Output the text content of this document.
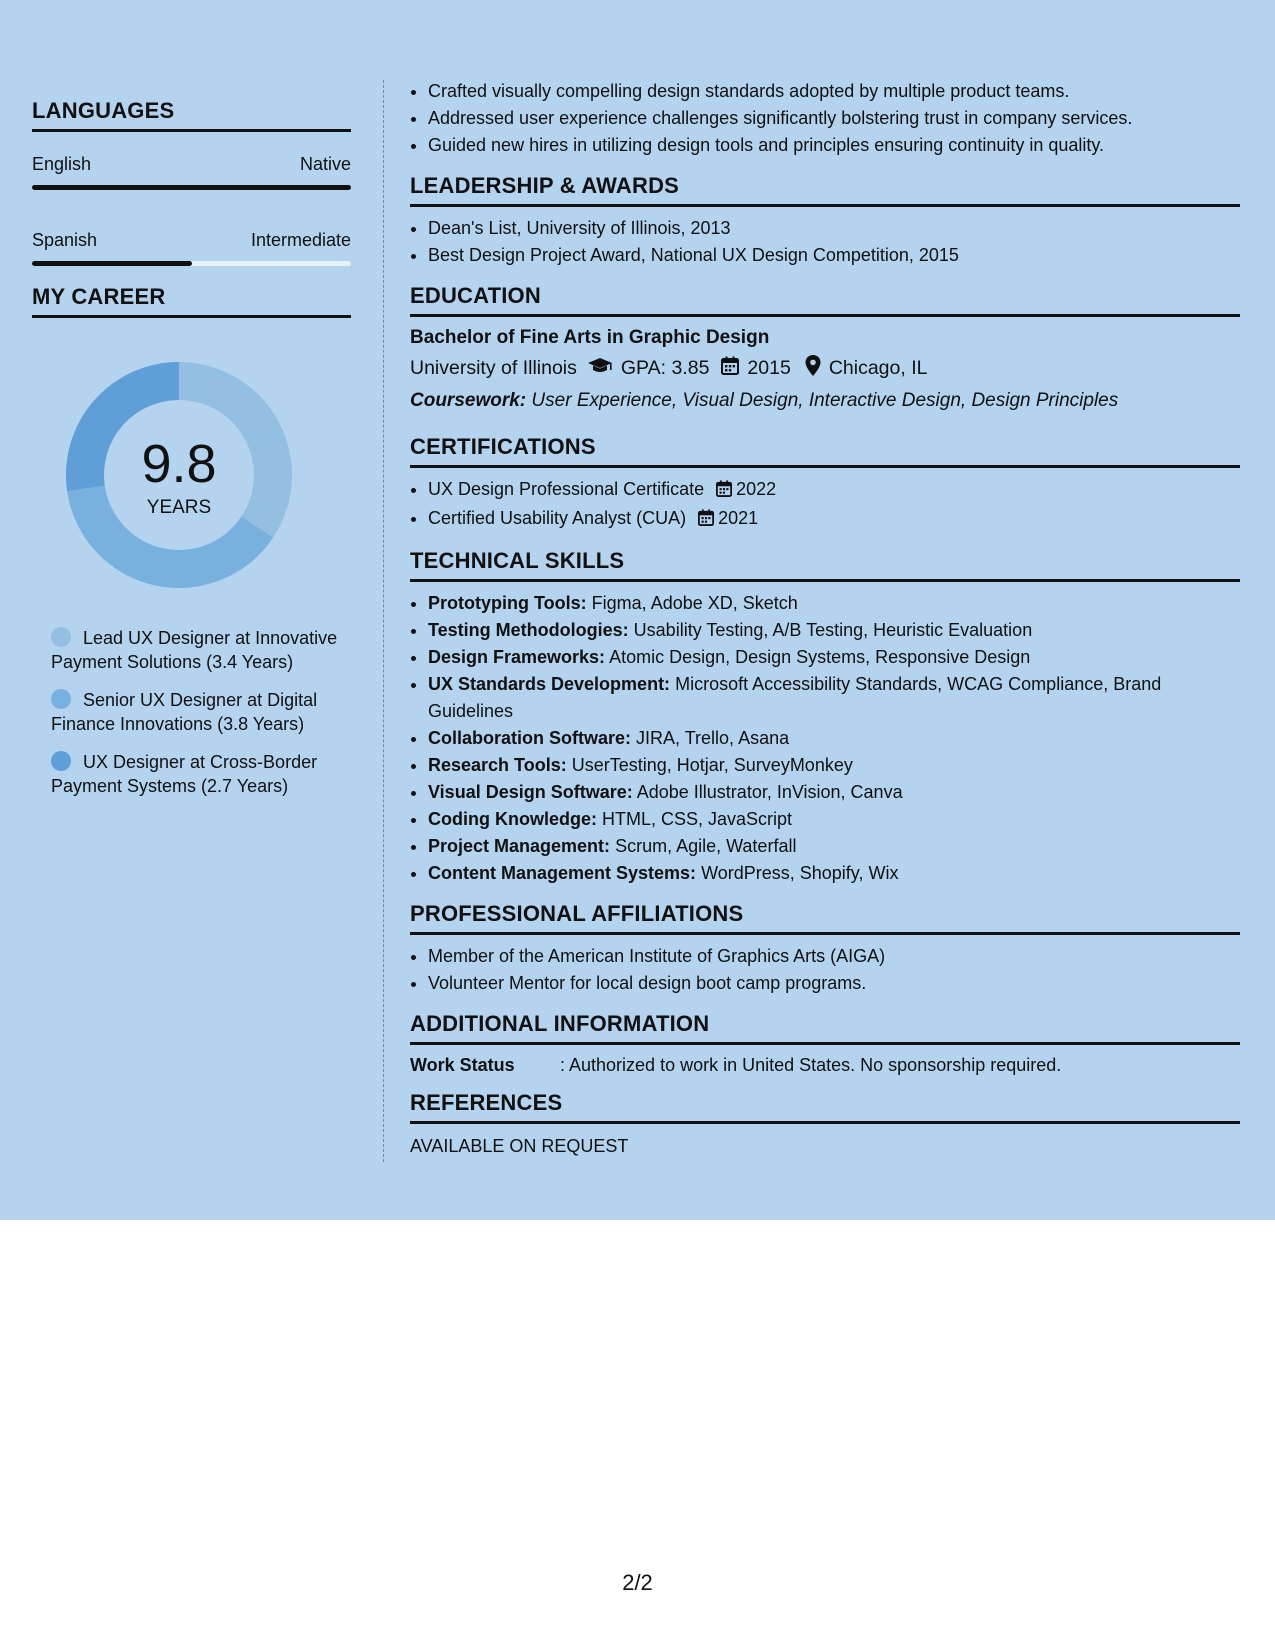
LANGUAGES
English	Native
Spanish	Intermediate
MY CAREER
9.8
YEARS
Lead UX Designer at Innovative Payment Solutions (3.4 Years)
Senior UX Designer at Digital Finance Innovations (3.8 Years)
UX Designer at Cross-Border Payment Systems (2.7 Years)
• Crafted visually compelling design standards adopted by multiple product teams.
• Addressed user experience challenges significantly bolstering trust in company services.
• Guided new hires in utilizing design tools and principles ensuring continuity in quality.
LEADERSHIP & AWARDS
• Dean's List, University of Illinois, 2013
• Best Design Project Award, National UX Design Competition, 2015
EDUCATION
Bachelor of Fine Arts in Graphic Design
University of Illinois GPA: 3.85 2015 Chicago, IL
Coursework: User Experience, Visual Design, Interactive Design, Design Principles
CERTIFICATIONS
• UX Design Professional Certificate 2022
• Certified Usability Analyst (CUA) 2021
TECHNICAL SKILLS
• Prototyping Tools: Figma, Adobe XD, Sketch
• Testing Methodologies: Usability Testing, A/B Testing, Heuristic Evaluation
• Design Frameworks: Atomic Design, Design Systems, Responsive Design
• UX Standards Development: Microsoft Accessibility Standards, WCAG Compliance, Brand Guidelines
• Collaboration Software: JIRA, Trello, Asana
• Research Tools: UserTesting, Hotjar, SurveyMonkey
• Visual Design Software: Adobe Illustrator, InVision, Canva
• Coding Knowledge: HTML, CSS, JavaScript
• Project Management: Scrum, Agile, Waterfall
• Content Management Systems: WordPress, Shopify, Wix
PROFESSIONAL AFFILIATIONS
• Member of the American Institute of Graphics Arts (AIGA)
• Volunteer Mentor for local design boot camp programs.
ADDITIONAL INFORMATION
Work Status	: Authorized to work in United States. No sponsorship required.
REFERENCES
AVAILABLE ON REQUEST
2/2
